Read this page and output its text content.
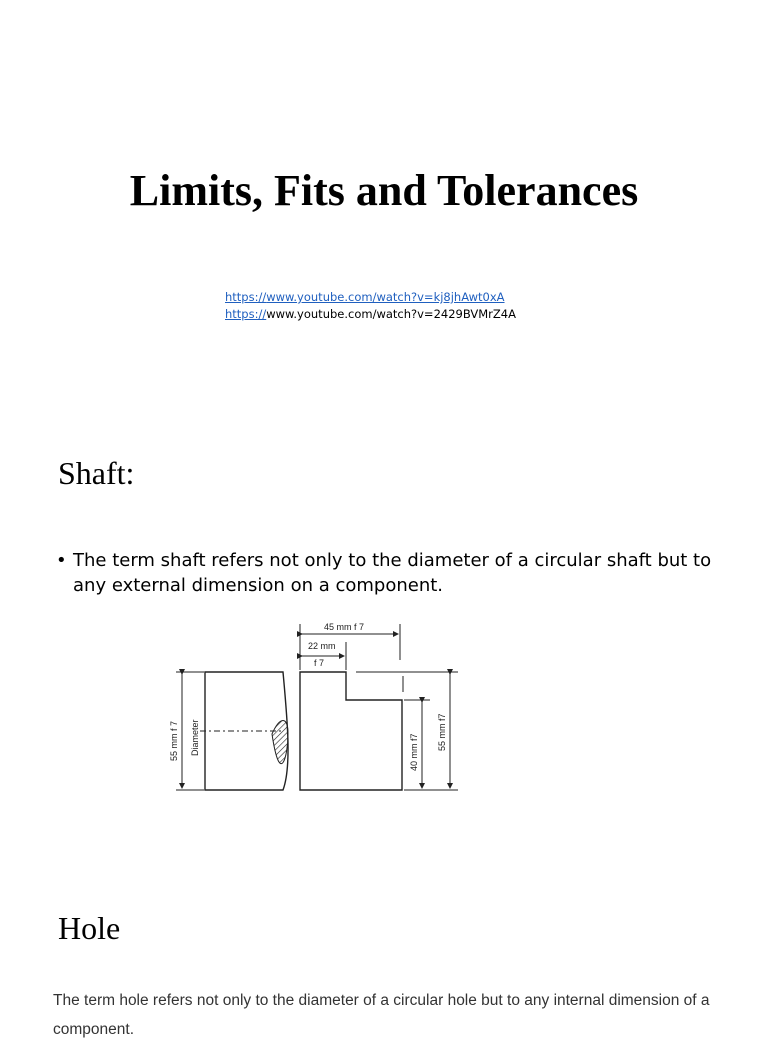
Limits, Fits and Tolerances
https://www.youtube.com/watch?v=kj8jhAwt0xA
https://www.youtube.com/watch?v=2429BVMrZ4A
Shaft:
• The term shaft refers not only to the diameter of a circular shaft but to any external dimension on a component.
55 mm f 7 Diameter
45 mm f 7
22 mm
f 7
40 mm f7
55 mm f7
Hole
The term hole refers not only to the diameter of a circular hole but to any internal dimension of a component.
